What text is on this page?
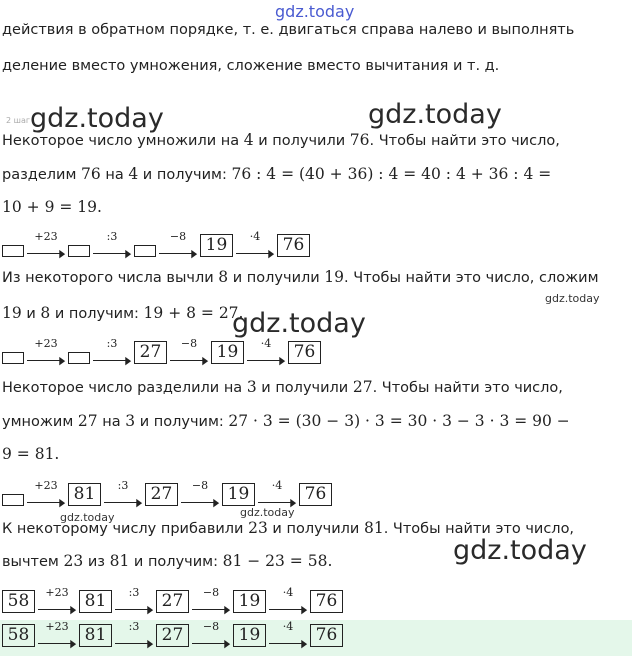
gdz.today
действия в обратном порядке, т. е. двигаться справа налево и выполнять
деление вместо умножения, сложение вместо вычитания и т. д.
2 шаг
Некоторое число умножили на 4 и получили 76. Чтобы найти это число,
разделим 76 на 4 и получим: 76 : 4 = (40 + 36) : 4 = 40 : 4 + 36 : 4 =
10 + 9 = 19.
+23
▶
:3
▶
−8
▶ 19	·4
▶ 76
Из некоторого числа вычли 8 и получили 19. Чтобы найти это число, сложим
19 и 8 и получим: 19 + 8 = 27.
+23
▶
:3
▶ 27	−8
▶ 19	·4
▶ 76
Некоторое число разделили на 3 и получили 27. Чтобы найти это число,
умножим 27 на 3 и получим: 27 · 3 = (30 − 3) · 3 = 30 · 3 − 3 · 3 = 90 −
9 = 81.
+23
▶ 81	:3
▶ 27	−8
▶ 19	·4
▶ 76
К некоторому числу прибавили 23 и получили 81. Чтобы найти это число,
вычтем 23 из 81 и получим: 81 − 23 = 58.
58	+23
▶ 81	:3
▶ 27	−8
▶ 19	·4
▶ 76
58	+23
▶ 81	:3
▶ 27	−8
▶ 19	·4
▶ 76
gdz.today	gdz.today
gdz.today
gdz.today
gdz.today
gdz.today	gdz.today
